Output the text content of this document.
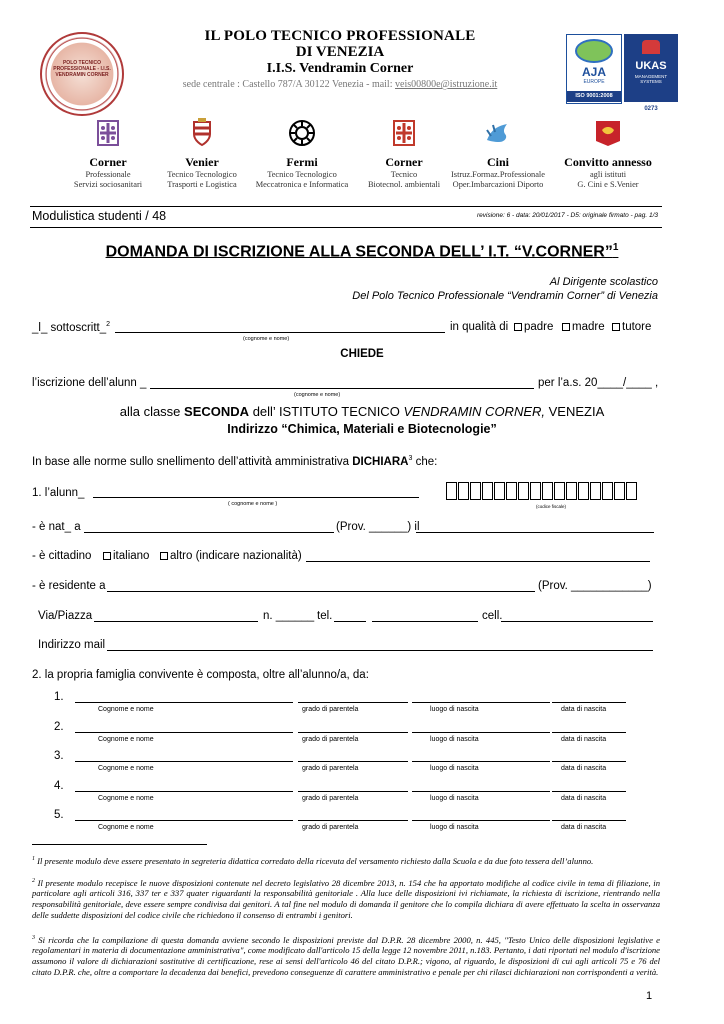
POLO TECNICO PROFESSIONALE - I.I.S. VENDRAMIN CORNER
IL POLO TECNICO PROFESSIONALE
DI VENEZIA
I.I.S. Vendramin Corner
sede centrale : Castello 787/A 30122 Venezia - mail: veis00800e@istruzione.it
AJA
EUROPE
ISO 9001:2008
UKAS
MANAGEMENT SYSTEMS
0273
Corner
Professionale
Servizi sociosanitari
Venier
Tecnico Tecnologico
Trasporti e Logistica
Fermi
Tecnico Tecnologico
Meccatronica e Informatica
Corner
Tecnico
Biotecnol. ambientali
Cini
Istruz.Formaz.Professionale
Oper.Imbarcazioni Diporto
Convitto annesso
agli istituti
G. Cini e S.Venier
Modulistica studenti / 48	revisione: 6 - data: 20/01/2017 - D5: originale firmato - pag. 1/3
DOMANDA DI ISCRIZIONE ALLA SECONDA DELL’ I.T. “V.CORNER”$^1$
Al Dirigente scolastico
Del Polo Tecnico Professionale “Vendramin Corner” di Venezia
_l_ sottoscritt_$^2$
(cognome e nome)
in qualità di	padre	madre	tutore
CHIEDE
l’iscrizione dell’alunn _
(cognome e nome)
per l’a.s. 20____/____ ,
alla classe SECONDA dell’ ISTITUTO TECNICO VENDRAMIN CORNER, VENEZIA
Indirizzo “Chimica, Materiali e Biotecnologie”
In base alle norme sullo snellimento dell’attività amministrativa DICHIARA$^3$ che:
1. l’alunn_
( cognome e nome )	(codice fiscale)
- è nat_ a	(Prov. ______) il
- è cittadino	italiano	altro (indicare nazionalità)
- è residente a	(Prov. ____________)
Via/Piazza	n. ______ tel.	cell.
Indirizzo mail
2. la propria famiglia convivente è composta, oltre all’alunno/a, da:
1.
Cognome e nome	grado di parentela	luogo di nascita	data di nascita
2.
Cognome e nome	grado di parentela	luogo di nascita	data di nascita
3.
Cognome e nome	grado di parentela	luogo di nascita	data di nascita
4.
Cognome e nome	grado di parentela	luogo di nascita	data di nascita
5.
Cognome e nome	grado di parentela	luogo di nascita	data di nascita
$^1$ Il presente modulo deve essere presentato in segreteria didattica corredato della ricevuta del versamento richiesto dalla Scuola e da due foto tessera dell’alunno.
$^2$ Il presente modulo recepisce le nuove disposizioni contenute nel decreto legislativo 28 dicembre 2013, n. 154 che ha apportato modifiche al codice civile in tema di filiazione, in particolare agli articoli 316, 337 ter e 337 quater riguardanti la responsabilità genitoriale . Alla luce delle disposizioni ivi richiamate, la richiesta di iscrizione, rientrando nella responsabilità genitoriale, deve essere sempre condivisa dai genitori. A tal fine nel modulo di domanda il genitore che lo compila dichiara di avere effettuato la scelta in osservanza delle suddette disposizioni del codice civile che richiedono il consenso di entrambi i genitori.
$^3$ Si ricorda che la compilazione di questa domanda avviene secondo le disposizioni previste dal D.P.R. 28 dicembre 2000, n. 445, "Testo Unico delle disposizioni legislative e regolamentari in materia di documentazione amministrativa", come modificato dall'articolo 15 della legge 12 novembre 2011, n.183. Pertanto, i dati riportati nel modulo d'iscrizione assumono il valore di dichiarazioni sostitutive di certificazione, rese ai sensi dell'articolo 46 del citato D.P.R.; vigono, al riguardo, le disposizioni di cui agli articoli 75 e 76 del citato D.P.R. che, oltre a comportare la decadenza dai benefici, prevedono conseguenze di carattere amministrativo e penale per chi rilasci dichiarazioni non corrispondenti a verità.
1
